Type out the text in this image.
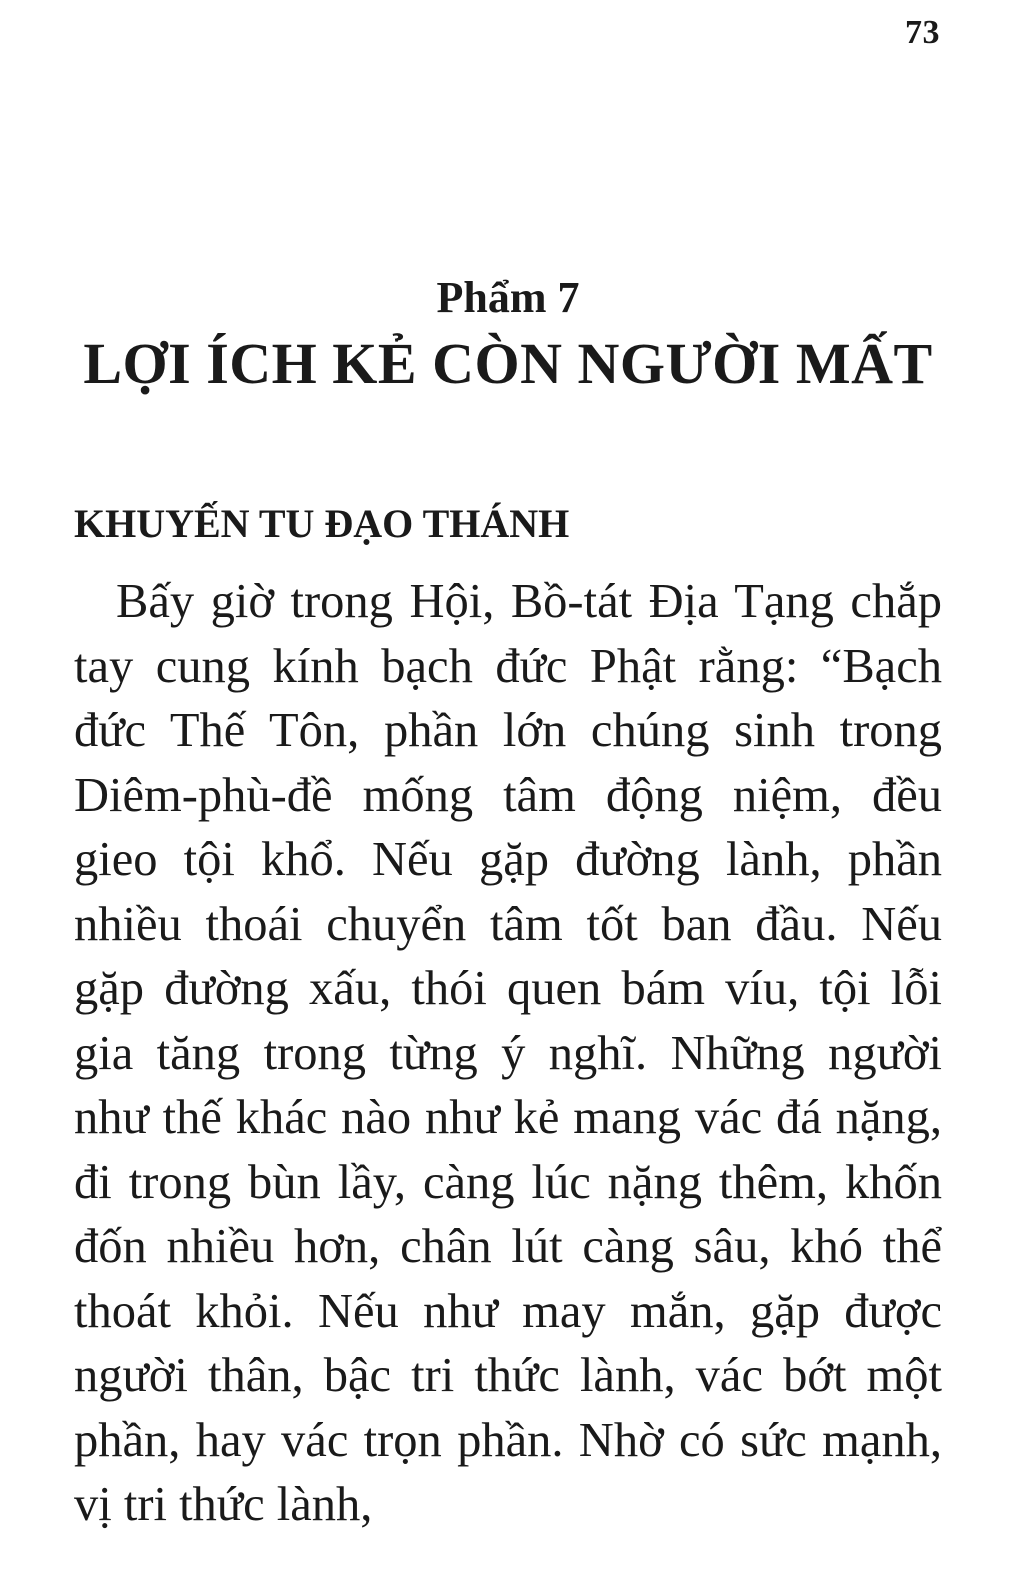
73
Phẩm 7
LỢI ÍCH KẺ CÒN NGƯỜI MẤT
KHUYẾN TU ĐẠO THÁNH

Bấy giờ trong Hội, Bồ-tát Địa Tạng chắp tay cung kính bạch đức Phật rằng: “Bạch đức Thế Tôn, phần lớn chúng sinh trong Diêm-phù-đề mống tâm động niệm, đều gieo tội khổ. Nếu gặp đường lành, phần nhiều thoái chuyển tâm tốt ban đầu. Nếu gặp đường xấu, thói quen bám víu, tội lỗi gia tăng trong từng ý nghĩ. Những người như thế khác nào như kẻ mang vác đá nặng, đi trong bùn lầy, càng lúc nặng thêm, khốn đốn nhiều hơn, chân lút càng sâu, khó thể thoát khỏi. Nếu như may mắn, gặp được người thân, bậc tri thức lành, vác bớt một phần, hay vác trọn phần. Nhờ có sức mạnh, vị tri thức lành,
